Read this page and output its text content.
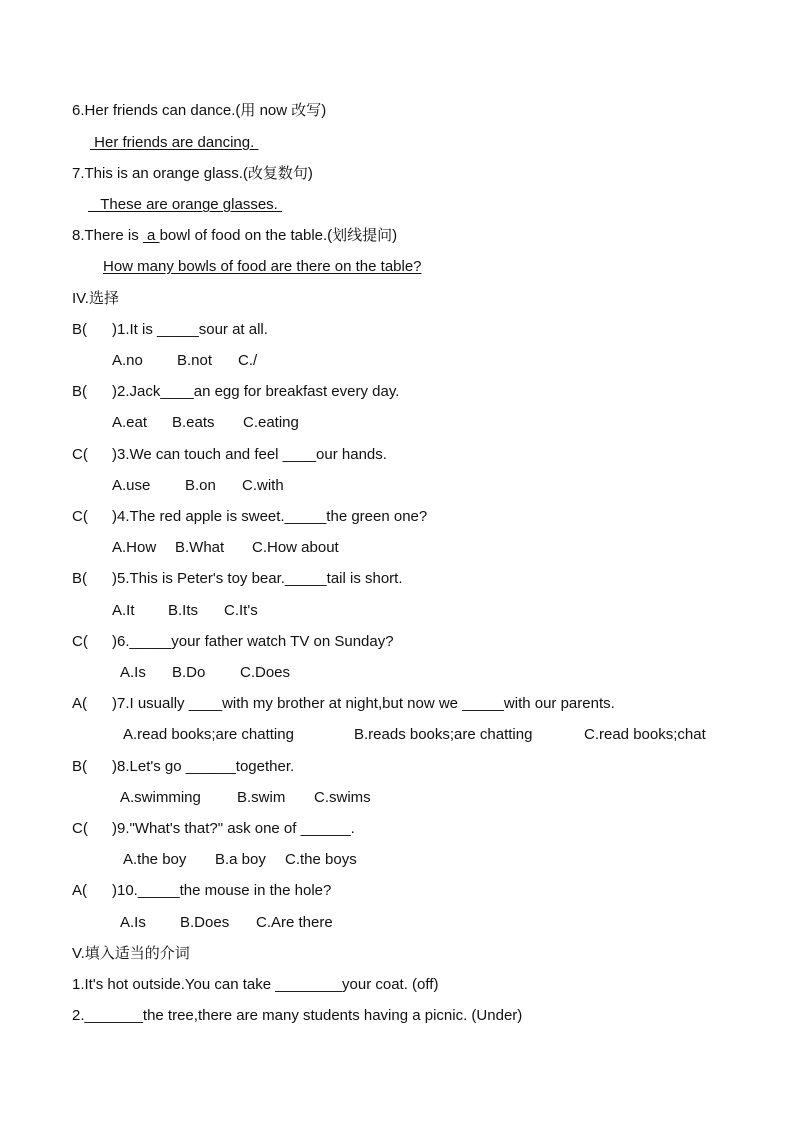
6.Her friends can dance.(用 now 改写)
Her friends are dancing.
7.This is an orange glass.(改复数句)
These are orange glasses.
8.There is  a bowl of food on the table.(划线提问)
How many bowls of food are there on the table?
IV.选择
B( )1.It is _____sour at all.
A.no B.not C./
B( )2.Jack____an egg for breakfast every day.
A.eat B.eats C.eating
C( )3.We can touch and feel ____our hands.
A.use B.on C.with
C( )4.The red apple is sweet._____the green one?
A.How B.What C.How about
B( )5.This is Peter's toy bear._____tail is short.
A.It B.Its C.It's
C( )6._____your father watch TV on Sunday?
A.Is B.Do C.Does
A( )7.I usually ____with my brother at night,but now we _____with our parents.
A.read books;are chatting	B.reads books;are chatting	C.read books;chat
B( )8.Let's go ______together.
A.swimming B.swim C.swims
C( )9."What's that?" ask one of ______.
A.the boy B.a boy C.the boys
A( )10._____the mouse in the hole?
A.Is B.Does C.Are there
V.填入适当的介词
1.It's hot outside.You can take ________your coat. (off)
2._______the tree,there are many students having a picnic. (Under)
